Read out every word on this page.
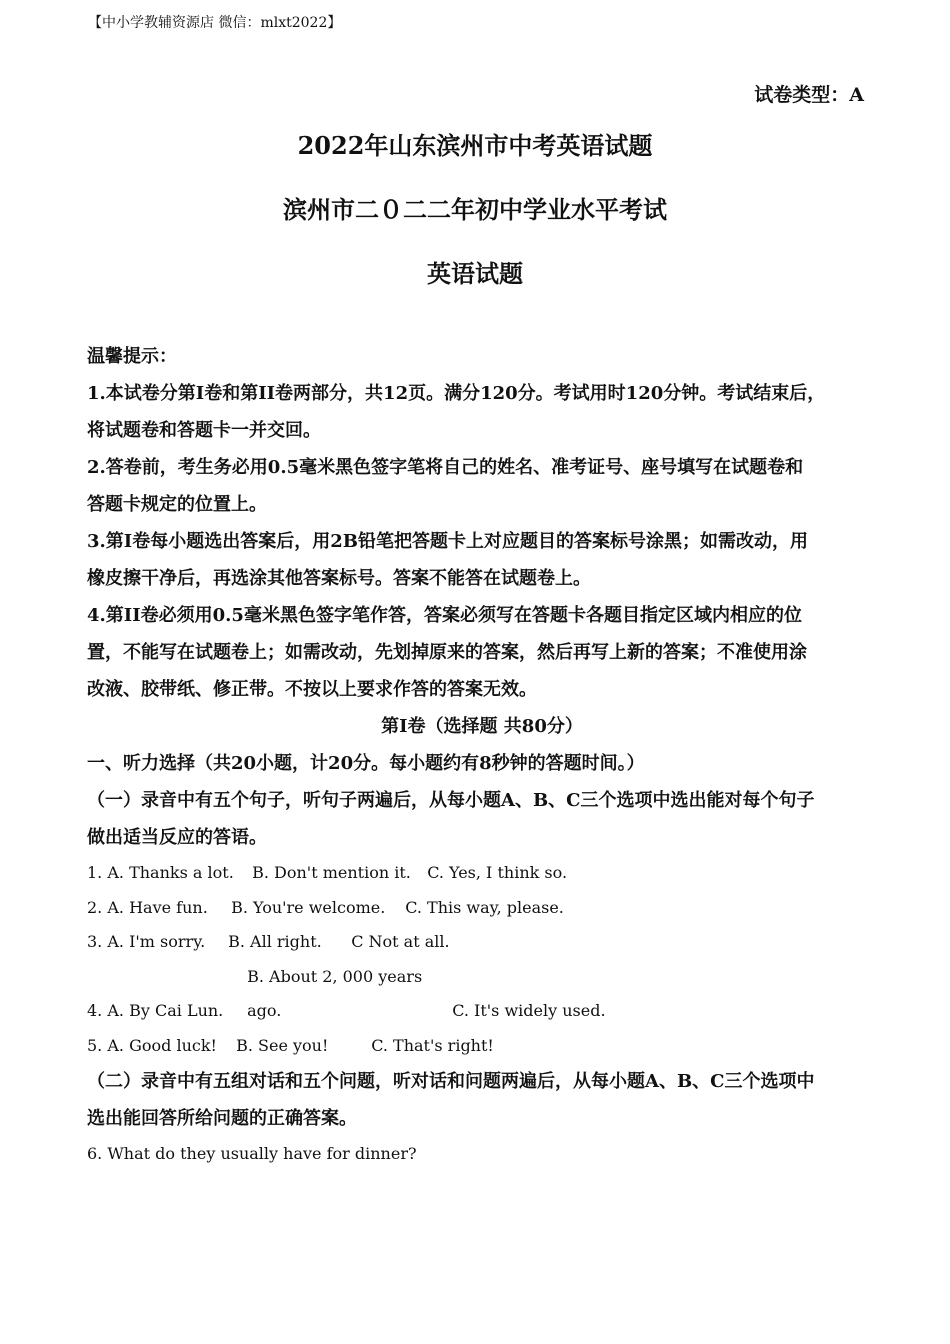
【中小学教辅资源店 微信：mlxt2022】
试卷类型：A
2022年山东滨州市中考英语试题
滨州市二０二二年初中学业水平考试
英语试题
温馨提示：
1.本试卷分第Ⅰ卷和第II卷两部分，共12页。满分120分。考试用时120分钟。考试结束后，
将试题卷和答题卡一并交回。
2.答卷前，考生务必用0.5毫米黑色签字笔将自己的姓名、准考证号、座号填写在试题卷和
答题卡规定的位置上。
3.第Ⅰ卷每小题选出答案后，用2B铅笔把答题卡上对应题目的答案标号涂黑；如需改动，用
橡皮擦干净后，再选涂其他答案标号。答案不能答在试题卷上。
4.第II卷必须用0.5毫米黑色签字笔作答，答案必须写在答题卡各题目指定区域内相应的位
置，不能写在试题卷上；如需改动，先划掉原来的答案，然后再写上新的答案；不准使用涂
改液、胶带纸、修正带。不按以上要求作答的答案无效。
第Ⅰ卷（选择题 共80分）
一、听力选择（共20小题，计20分。每小题约有8秒钟的答题时间。）
（一）录音中有五个句子，听句子两遍后，从每小题A、B、C三个选项中选出能对每个句子
做出适当反应的答语。
1. A. Thanks a lot. B. Don't mention it. C. Yes, I think so.
2. A. Have fun. B. You're welcome. C. This way, please.
3. A. I'm sorry. B. All right. C Not at all.
4. A. By Cai Lun. B. About 2, 000 years ago.	C. It's widely used.
5. A. Good luck! B. See you!	C. That's right!
（二）录音中有五组对话和五个问题，听对话和问题两遍后，从每小题A、B、C三个选项中
选出能回答所给问题的正确答案。
6. What do they usually have for dinner?
